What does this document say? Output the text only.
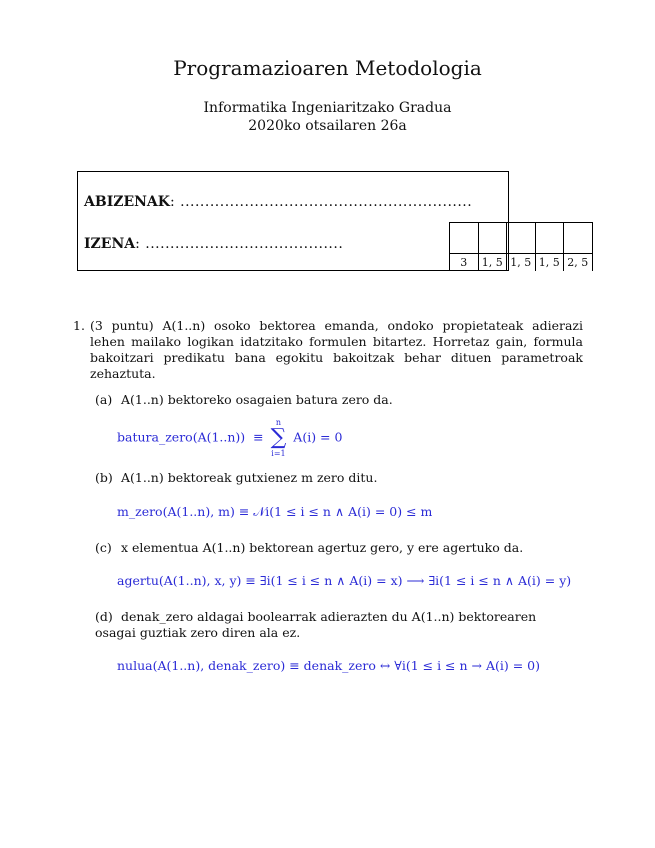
Programazioaren Metodologia
Informatika Ingeniaritzako Gradua
2020ko otsailaren 26a
ABIZENAK: ...........................................................
IZENA: ........................................
3	1, 5 1, 5 1, 5 2, 5
1. (3 puntu) A(1..n) osoko bektorea emanda, ondoko propietateak adierazi lehen mailako logikan idatzitako formulen bitartez. Horretaz gain, formula bakoitzari predikatu bana egokitu bakoitzak behar dituen parametroak zehaztuta.
(a) A(1..n) bektoreko osagaien batura zero da.
batura_zero(A(1..n))  ≡
n
∑
i=1
A(i) = 0
(b) A(1..n) bektoreak gutxienez m zero ditu.
m_zero(A(1..n), m) ≡ 𝒩i(1 ≤ i ≤ n ∧ A(i) = 0) ≤ m
(c) x elementua A(1..n) bektorean agertuz gero, y ere agertuko da.
agertu(A(1..n), x, y) ≡ ∃i(1 ≤ i ≤ n ∧ A(i) = x) ⟶ ∃i(1 ≤ i ≤ n ∧ A(i) = y)
(d) denak_zero aldagai boolearrak adierazten du A(1..n) bektorearen osagai guztiak zero diren ala ez.
nulua(A(1..n), denak_zero) ≡ denak_zero ↔ ∀i(1 ≤ i ≤ n → A(i) = 0)
